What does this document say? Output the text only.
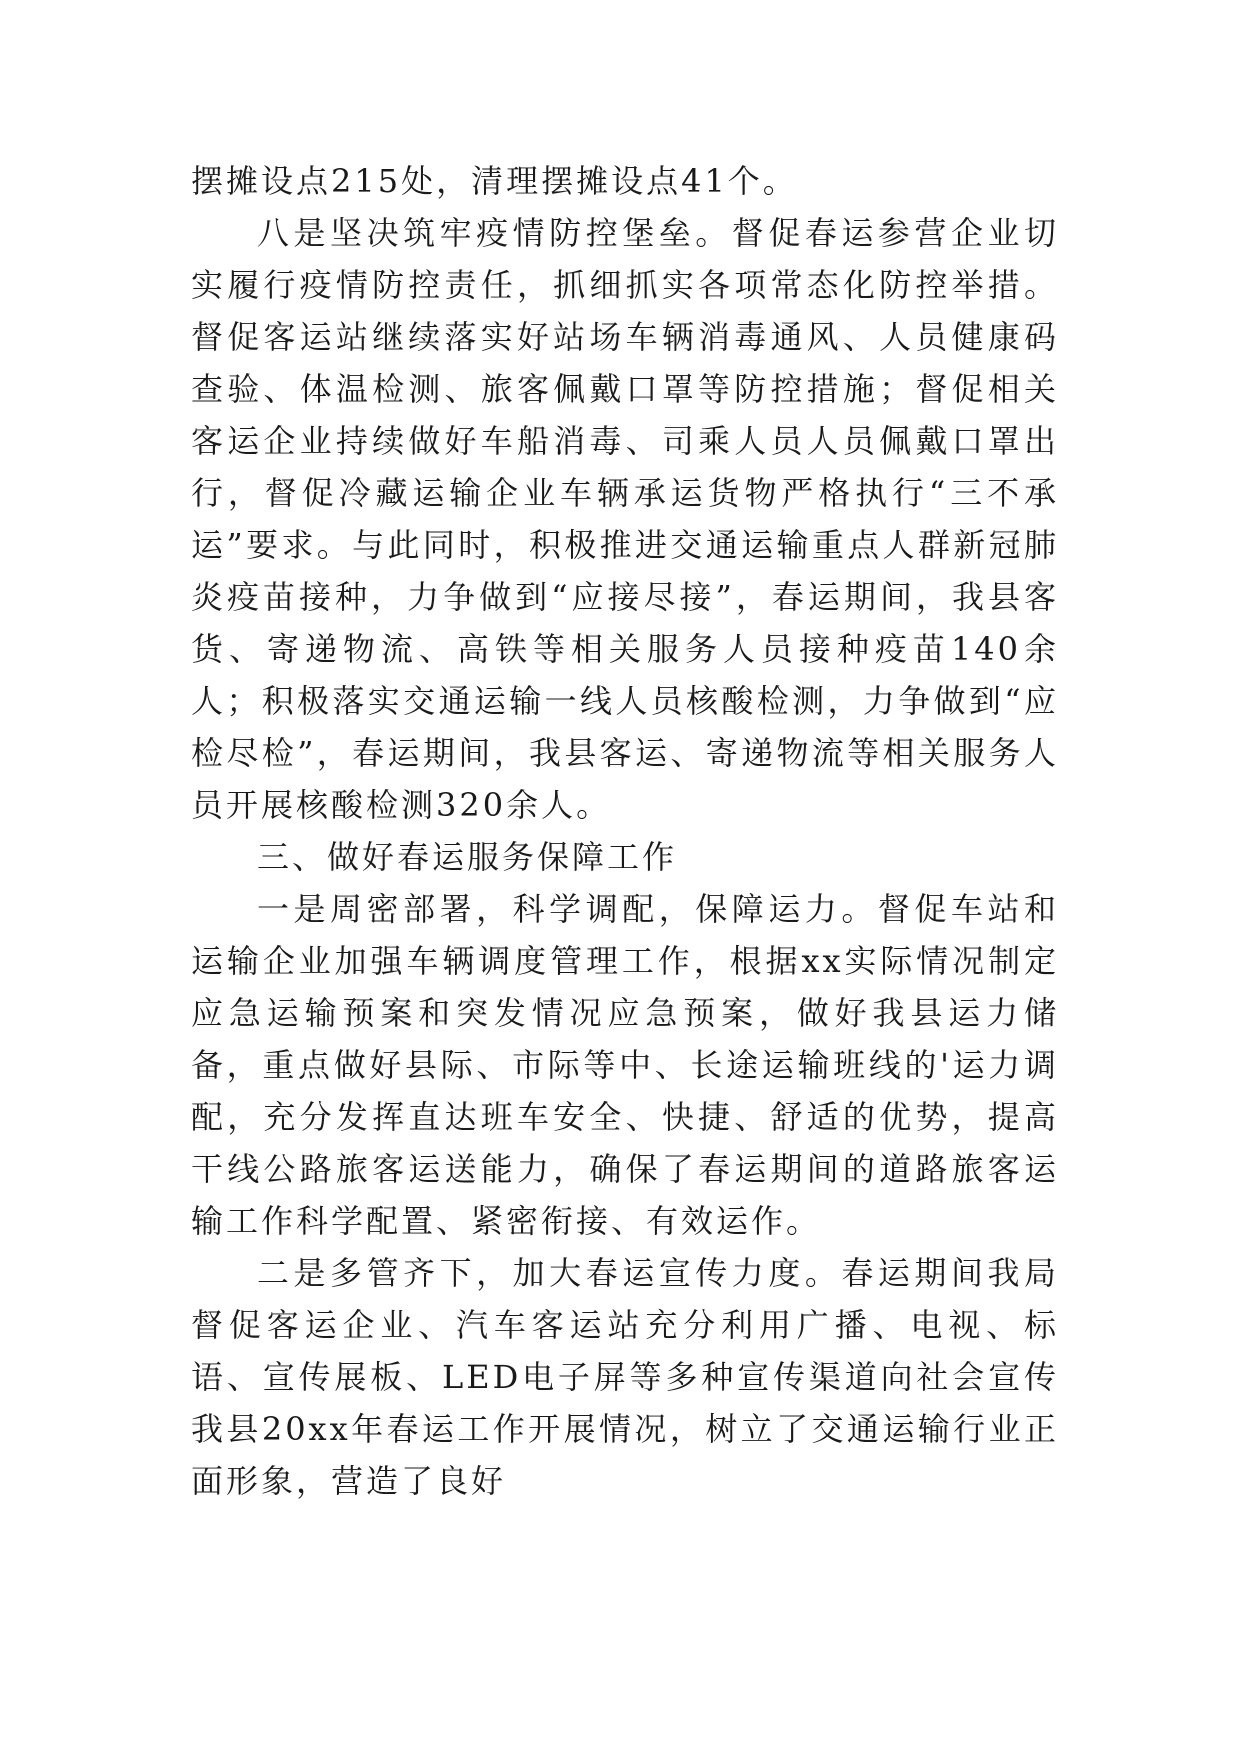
摆摊设点215处，清理摆摊设点41个。

八是坚决筑牢疫情防控堡垒。督促春运参营企业切实履行疫情防控责任，抓细抓实各项常态化防控举措。督促客运站继续落实好站场车辆消毒通风、人员健康码查验、体温检测、旅客佩戴口罩等防控措施；督促相关客运企业持续做好车船消毒、司乘人员人员佩戴口罩出行，督促冷藏运输企业车辆承运货物严格执行“三不承运”要求。与此同时，积极推进交通运输重点人群新冠肺炎疫苗接种，力争做到“应接尽接”，春运期间，我县客货、寄递物流、高铁等相关服务人员接种疫苗140余人；积极落实交通运输一线人员核酸检测，力争做到“应检尽检”，春运期间，我县客运、寄递物流等相关服务人员开展核酸检测320余人。

三、做好春运服务保障工作

一是周密部署，科学调配，保障运力。督促车站和运输企业加强车辆调度管理工作，根据xx实际情况制定应急运输预案和突发情况应急预案，做好我县运力储备，重点做好县际、市际等中、长途运输班线的'运力调配，充分发挥直达班车安全、快捷、舒适的优势，提高干线公路旅客运送能力，确保了春运期间的道路旅客运输工作科学配置、紧密衔接、有效运作。

二是多管齐下，加大春运宣传力度。春运期间我局督促客运企业、汽车客运站充分利用广播、电视、标语、宣传展板、LED电子屏等多种宣传渠道向社会宣传我县20xx年春运工作开展情况，树立了交通运输行业正面形象，营造了良好
